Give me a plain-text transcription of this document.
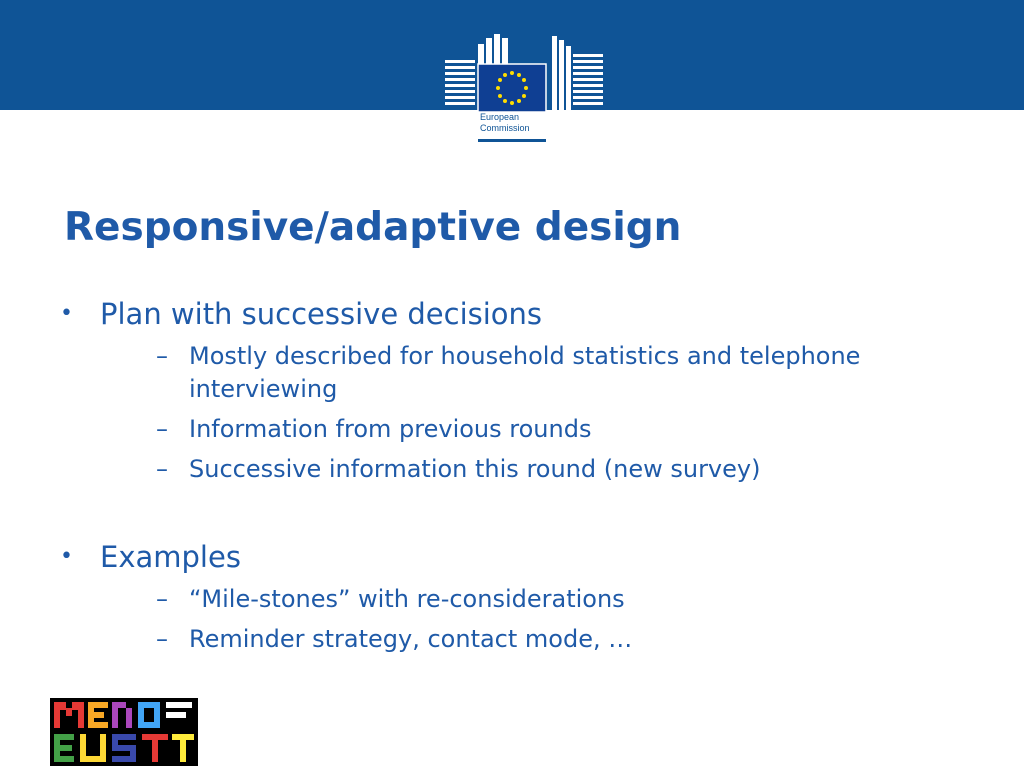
European
Commission
Responsive/adaptive design
• Plan with successive decisions
– Mostly described for household statistics and telephone interviewing
– Information from previous rounds
– Successive information this round (new survey)
• Examples
– “Mile-stones” with re-considerations
– Reminder strategy, contact mode, …
